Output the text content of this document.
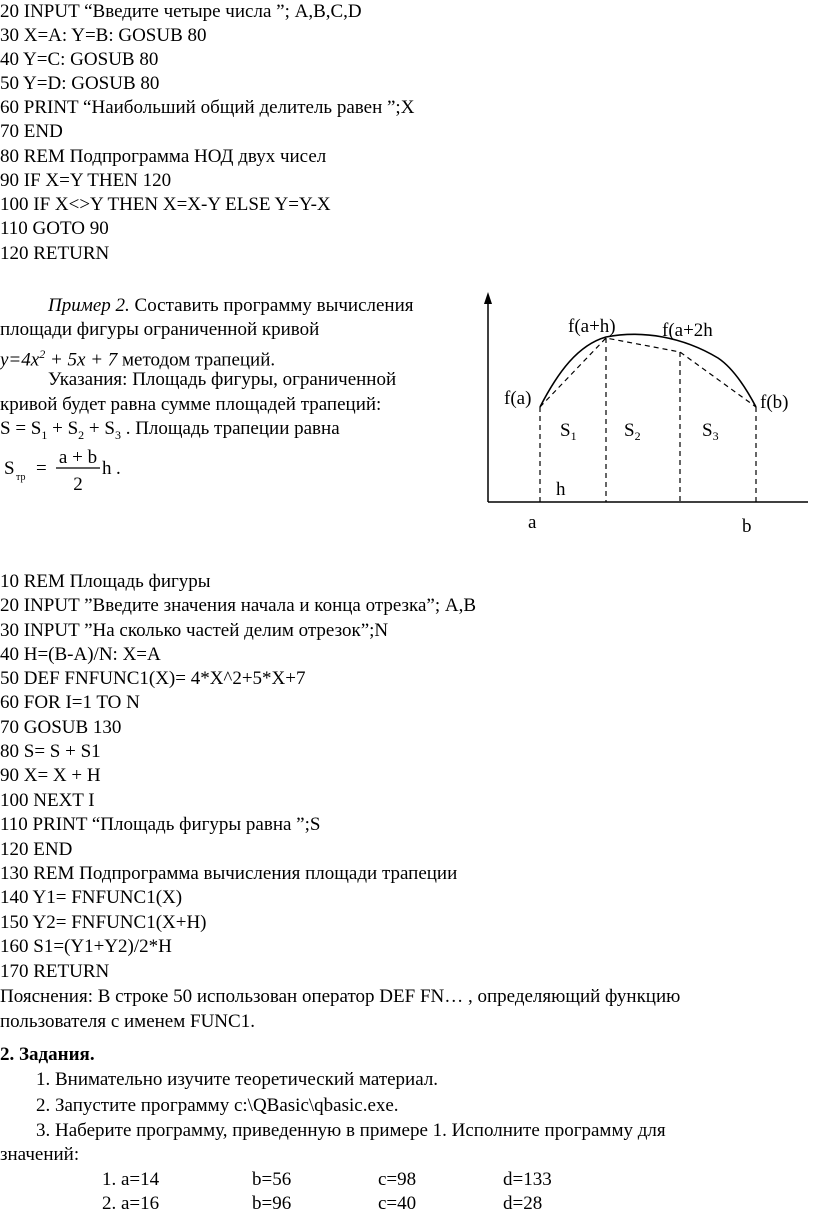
20 INPUT “Введите четыре числа ”; A,B,C,D
30 X=A: Y=B: GOSUB 80
40 Y=C: GOSUB 80
50 Y=D: GOSUB 80
60 PRINT “Наибольший общий делитель равен ”;X
70 END
80 REM Подпрограмма НОД двух чисел
90 IF X=Y THEN 120
100 IF X<>Y THEN X=X-Y ELSE Y=Y-X
110 GOTO 90
120 RETURN
Пример 2. Составить программу вычисления
площади фигуры ограниченной кривой
$y=4x^2 + 5x + 7$ методом трапеций.
Указания: Площадь фигуры, ограниченной
кривой будет равна сумме площадей трапеций:
$S = S_1 + S_2 + S_3$ . Площадь трапеции равна
S тр =
a + b
2
h .
f(a)
f(a+h) f(a+2h
f(b)
$S_1$ $S_2$	$S_3$
h
a	b
10 REM Площадь фигуры
20 INPUT ”Введите значения начала и конца отрезка”; A,B
30 INPUT ”На сколько частей делим отрезок”;N
40 H=(B-A)/N: X=A
50 DEF FNFUNC1(X)= 4*X^2+5*X+7
60 FOR I=1 TO N
70 GOSUB 130
80 S= S + S1
90 X= X + H
100 NEXT I
110 PRINT “Площадь фигуры равна ”;S
120 END
130 REM Подпрограмма вычисления площади трапеции
140 Y1= FNFUNC1(X)
150 Y2= FNFUNC1(X+H)
160 S1=(Y1+Y2)/2*H
170 RETURN
Пояснения: В строке 50 использован оператор DEF FN… , определяющий функцию
пользователя с именем FUNC1.
2. Задания.
1. Внимательно изучите теоретический материал.
2. Запустите программу c:\QBasic\qbasic.exe.
3. Наберите программу, приведенную в примере 1. Исполните программу для
значений:
1. a=14	b=56	c=98	d=133
2. a=16	b=96	c=40	d=28
